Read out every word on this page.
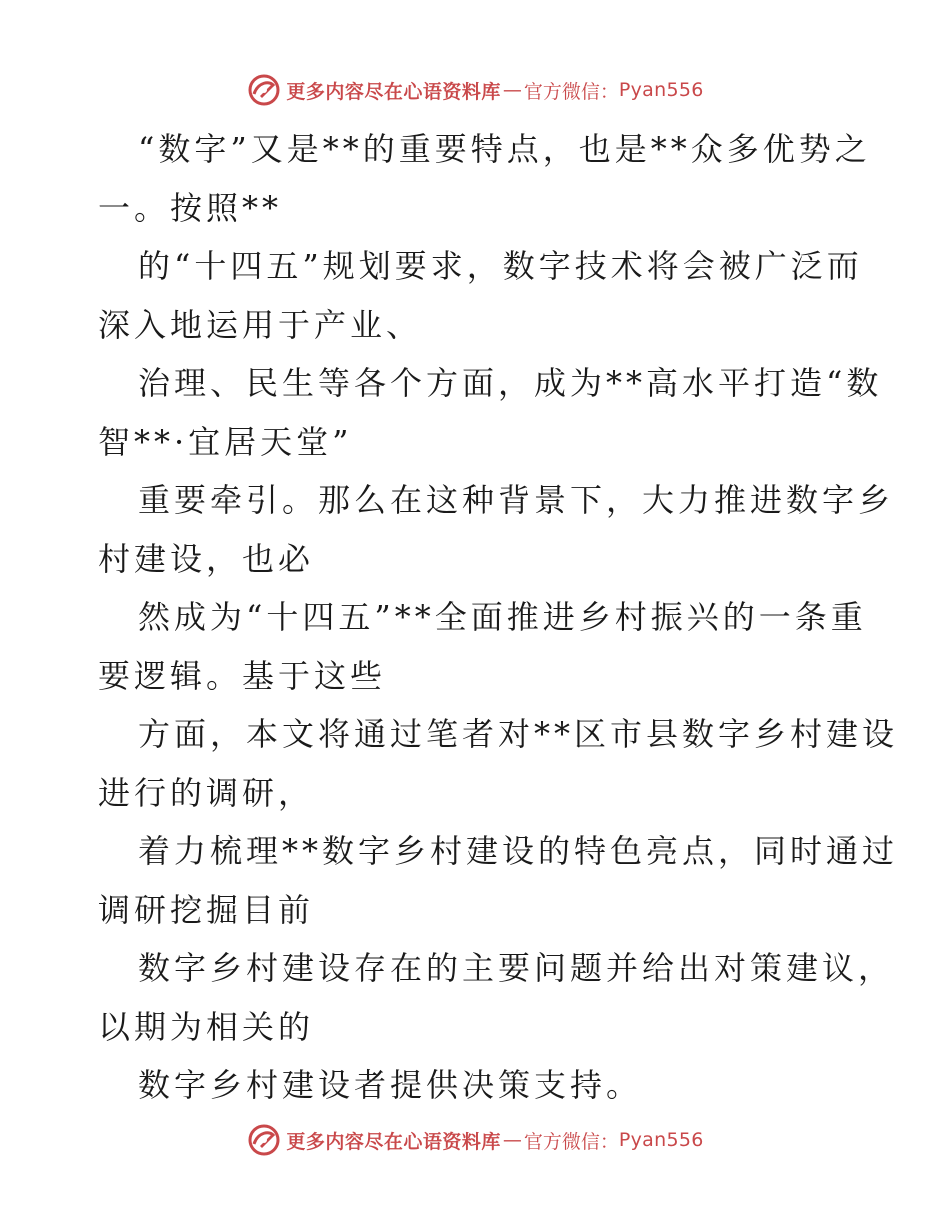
更多内容尽在心语资料库 — 官方微信： Pyan556

“数字”又是**的重要特点，也是**众多优势之
一。按照**

的“十四五”规划要求，数字技术将会被广泛而
深入地运用于产业、

治理、民生等各个方面，成为**高水平打造“数
智**·宜居天堂”

重要牵引。那么在这种背景下，大力推进数字乡
村建设，也必

然成为“十四五”**全面推进乡村振兴的一条重
要逻辑。基于这些

方面，本文将通过笔者对**区市县数字乡村建设
进行的调研，

着力梳理**数字乡村建设的特色亮点，同时通过
调研挖掘目前

数字乡村建设存在的主要问题并给出对策建议，
以期为相关的

数字乡村建设者提供决策支持。

更多内容尽在心语资料库 — 官方微信： Pyan556
